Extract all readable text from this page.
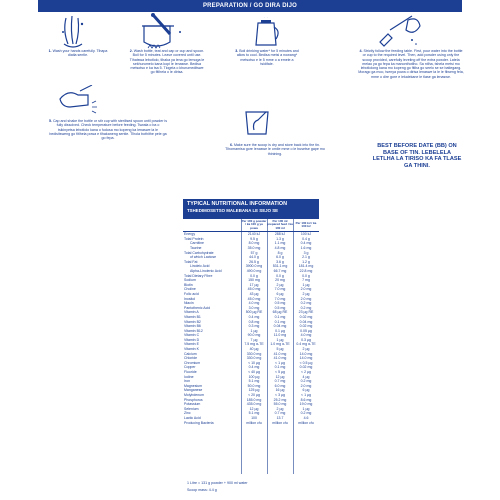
PREPARATION / GO DIRA DIJO
1. Wash your hands carefully. Tlhapa diatla sentle.
2. Wash bottle, teat and cap or cup and spoon. Boil for 5 minutes. Leave covered until use. Tlhatswa lebotlolo, tlhaka ya lena go lemoga le sekhurumelo kana kopi le lenaswe. Bedisa metsotso e ka tsa 5. Tlogela o khurumeditswe go fitlhela o le dirisa.
3. Boil drinking water* for 5 minutes and allow to cool. Bedisa metsi a nowang* metsotso e le 5 mme o a emele a tsidifale.
4. Strictly follow the feeding table. First, pour water into the bottle or cup to the required level. Then, add powder using only the scoop provided, carefully leveling off the extra powder. Latela melao ya go fepa ka manonthotlho. Sa ntlha, tshela metsi mo lebotlolong kana mo kopeng go fitlha go seelo se se batlegang. Morago ga moo, tsenya powa o dirisa lenaswe la le le filweng fela, mme o dire gore e lekalekane le tlase ga lenaswe.
5. Cap and shake the bottle or stir cup with sterilised spoon until powder is fully dissolved. Check temperature before feeding. Tswala o ba o tsikinyetsa lebotlolo kana o fudusa mo kopeng ka lenaswe la le bedisitsweng go fitlhela powa e tlhakaneng sentle. Tlhola bothithe pele ga go fepa.
6. Make sure the scoop is dry and store back into the tin. Tlhomamisa gore lenaswe le omile mme o le busetse gape mo thinining.
BEST BEFORE DATE (BB) ON BASE OF TIN. LEBELELA LETLHA LA TIRISO KA FA TLASE GA THINI.
TYPICAL NUTRITIONAL INFORMATION
TSHEDIMOSETSO MALEBANA LE SEJO SE
	Per 100 g powder / ka 100 g ya powa	Per 100 ml prepared feed / ka 100 ml	Per 100 kJ / ka 100 kJ
Energy	2140 kJ	288 kJ	100 kJ
Total Protein	9.5 g	1.3 g	0.4 g
Carnitine	8.0 mg	1.1 mg	0.4 mg
Taurine	35.0 mg	4.8 mg	1.6 mg
Total Carbohydrate	57 g	8 g	3 g
of which Lactose	44.0 g	6.0 g	2.1 g
Total Fat	26.5 g	3.6 g	1.2 g
Linoleic Acid	3900.0 mg	531.1 mg	181.4 mg
Alpha-Linolenic Acid	490.0 mg	66.7 mg	22.8 mg
Total Dietary Fibre	0.0 g	0.0 g	0.0 g
Sodium	150 mg	20 mg	7 mg
Biotin	17 µg	2 µg	1 µg
Choline	45.0 mg	7.0 mg	2.0 mg
Folic acid	43 µg	6 µg	2 µg
Inositol	45.0 mg	7.0 mg	2.0 mg
Niacin	4.0 mg	0.5 mg	0.2 mg
Pantothenic Acid	3.0 mg	0.5 mg	0.2 mg
Vitamin A	500 µg RE	68 µg RE	23 µg RE
Vitamin B1	0.4 mg	0.1 mg	0.02 mg
Vitamin B2	0.8 mg	0.1 mg	0.04 mg
Vitamin B6	0.3 mg	0.04 mg	0.02 mg
Vitamin B12	1 µg	0.1 µg	0.05 µg
Vitamin C	90.0 mg	11.0 mg	4.0 mg
Vitamin D	7 µg	1 µg	0.3 µg
Vitamin E	7.5 mg α-TE	1.0 mg α-TE	0.4 mg α-TE
Vitamin K	40 µg	5 µg	2 µg
Calcium	330.0 mg	41.0 mg	14.0 mg
Chloride	330.0 mg	41.0 mg	14.0 mg
Chromium	< 10 µg	< 1 µg	< 0.5 µg
Copper	0.4 mg	0.1 mg	0.02 mg
Fluoride	< 40 µg	< 5 µg	< 2 µg
Iodine	100 µg	12 µg	4 µg
Iron	5.1 mg	0.7 mg	0.2 mg
Magnesium	50.0 mg	6.0 mg	2.0 mg
Manganese	125 µg	16 µg	6 µg
Molybdenum	< 20 µg	< 3 µg	< 1 µg
Phosphorus	185.0 mg	25.2 mg	8.6 mg
Potassium	435.0 mg	55.0 mg	19.0 mg
Selenium	12 µg	2 µg	1 µg
Zinc	5.1 mg	0.7 mg	0.2 mg
Lactic Acid	100	13.7	4.6
Producing Bacteria	million cfu	million cfu	million cfu
1 Litre = 131 g powder + 900 ml water
Scoop mass: 4.4 g
